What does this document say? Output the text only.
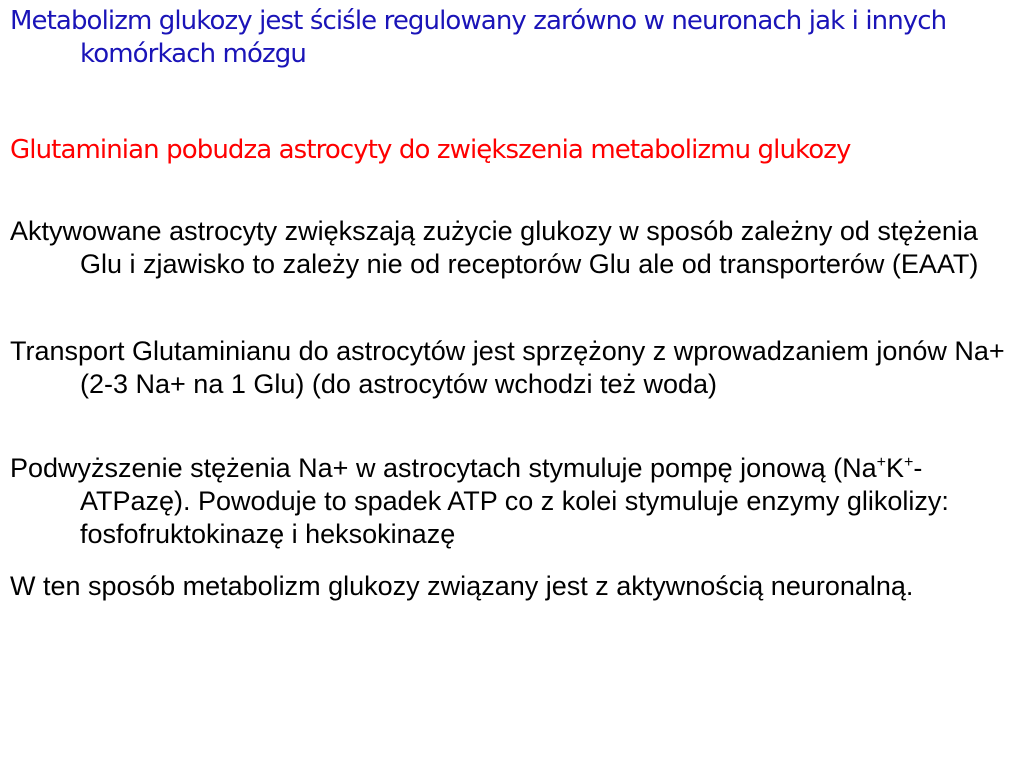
Metabolizm glukozy jest ściśle regulowany zarówno w neuronach jak i innych komórkach mózgu

Glutaminian pobudza astrocyty do zwiększenia metabolizmu glukozy

Aktywowane astrocyty zwiększają zużycie glukozy w sposób zależny od stężenia Glu i zjawisko to zależy nie od receptorów Glu ale od transporterów (EAAT)

Transport Glutaminianu do astrocytów jest sprzężony z wprowadzaniem jonów Na+ (2-3 Na+ na 1 Glu) (do astrocytów wchodzi też woda)

Podwyższenie stężenia Na+ w astrocytach stymuluje pompę jonową (Na+K+-ATPazę). Powoduje to spadek ATP co z kolei stymuluje enzymy glikolizy: fosfofruktokinazę i heksokinazę

W ten sposób metabolizm glukozy związany jest z aktywnością neuronalną.
